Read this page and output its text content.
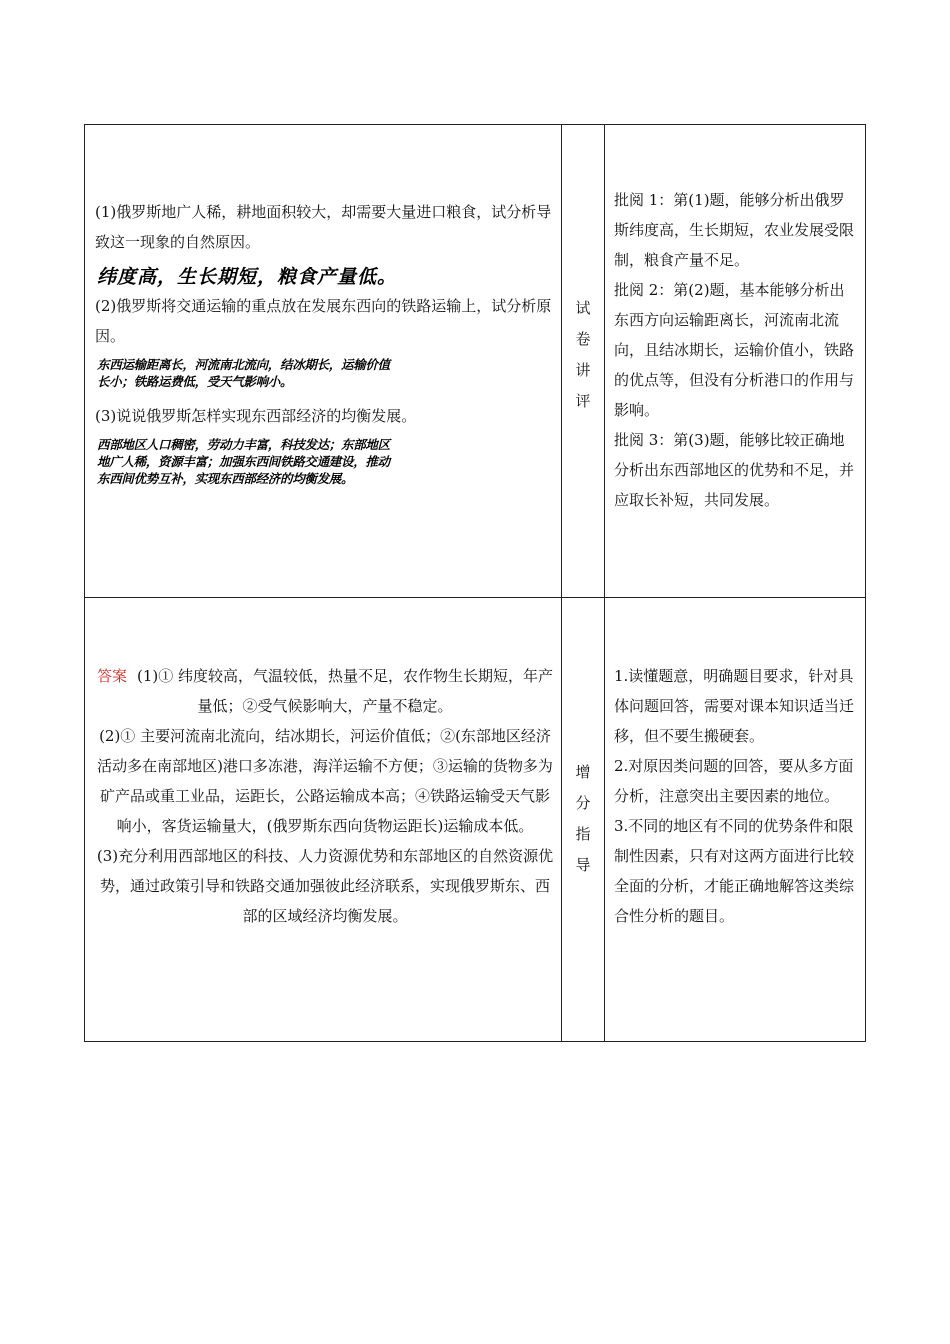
(1)俄罗斯地广人稀，耕地面积较大，却需要大量进口粮食，试分析导致这一现象的自然原因。

纬度高，生长期短，粮食产量低。

(2)俄罗斯将交通运输的重点放在发展东西向的铁路运输上，试分析原因。

东西运输距离长，河流南北流向，结冰期长，运输价值长小；铁路运费低，受天气影响小。

(3)说说俄罗斯怎样实现东西部经济的均衡发展。

西部地区人口稠密，劳动力丰富，科技发达；东部地区地广人稀，资源丰富；加强东西间铁路交通建设，推动东西间优势互补，实现东西部经济的均衡发展。
试
卷
讲
评

批阅 1：第(1)题，能够分析出俄罗斯纬度高，生长期短，农业发展受限制，粮食产量不足。

批阅 2：第(2)题，基本能够分析出东西方向运输距离长，河流南北流向，且结冰期长，运输价值小，铁路的优点等，但没有分析港口的作用与影响。

批阅 3：第(3)题，能够比较正确地分析出东西部地区的优势和不足，并应取长补短，共同发展。

答案 (1)① 纬度较高，气温较低，热量不足，农作物生长期短，年产量低；②受气候影响大，产量不稳定。

(2)① 主要河流南北流向，结冰期长，河运价值低；②(东部地区经济活动多在南部地区)港口多冻港，海洋运输不方便；③运输的货物多为矿产品或重工业品，运距长，公路运输成本高；④铁路运输受天气影响小，客货运输量大，(俄罗斯东西向货物运距长)运输成本低。

(3)充分利用西部地区的科技、人力资源优势和东部地区的自然资源优势，通过政策引导和铁路交通加强彼此经济联系，实现俄罗斯东、西部的区域经济均衡发展。

增
分
指
导

1.读懂题意，明确题目要求，针对具体问题回答，需要对课本知识适当迁移，但不要生搬硬套。

2.对原因类问题的回答，要从多方面分析，注意突出主要因素的地位。

3.不同的地区有不同的优势条件和限制性因素，只有对这两方面进行比较全面的分析，才能正确地解答这类综合性分析的题目。
